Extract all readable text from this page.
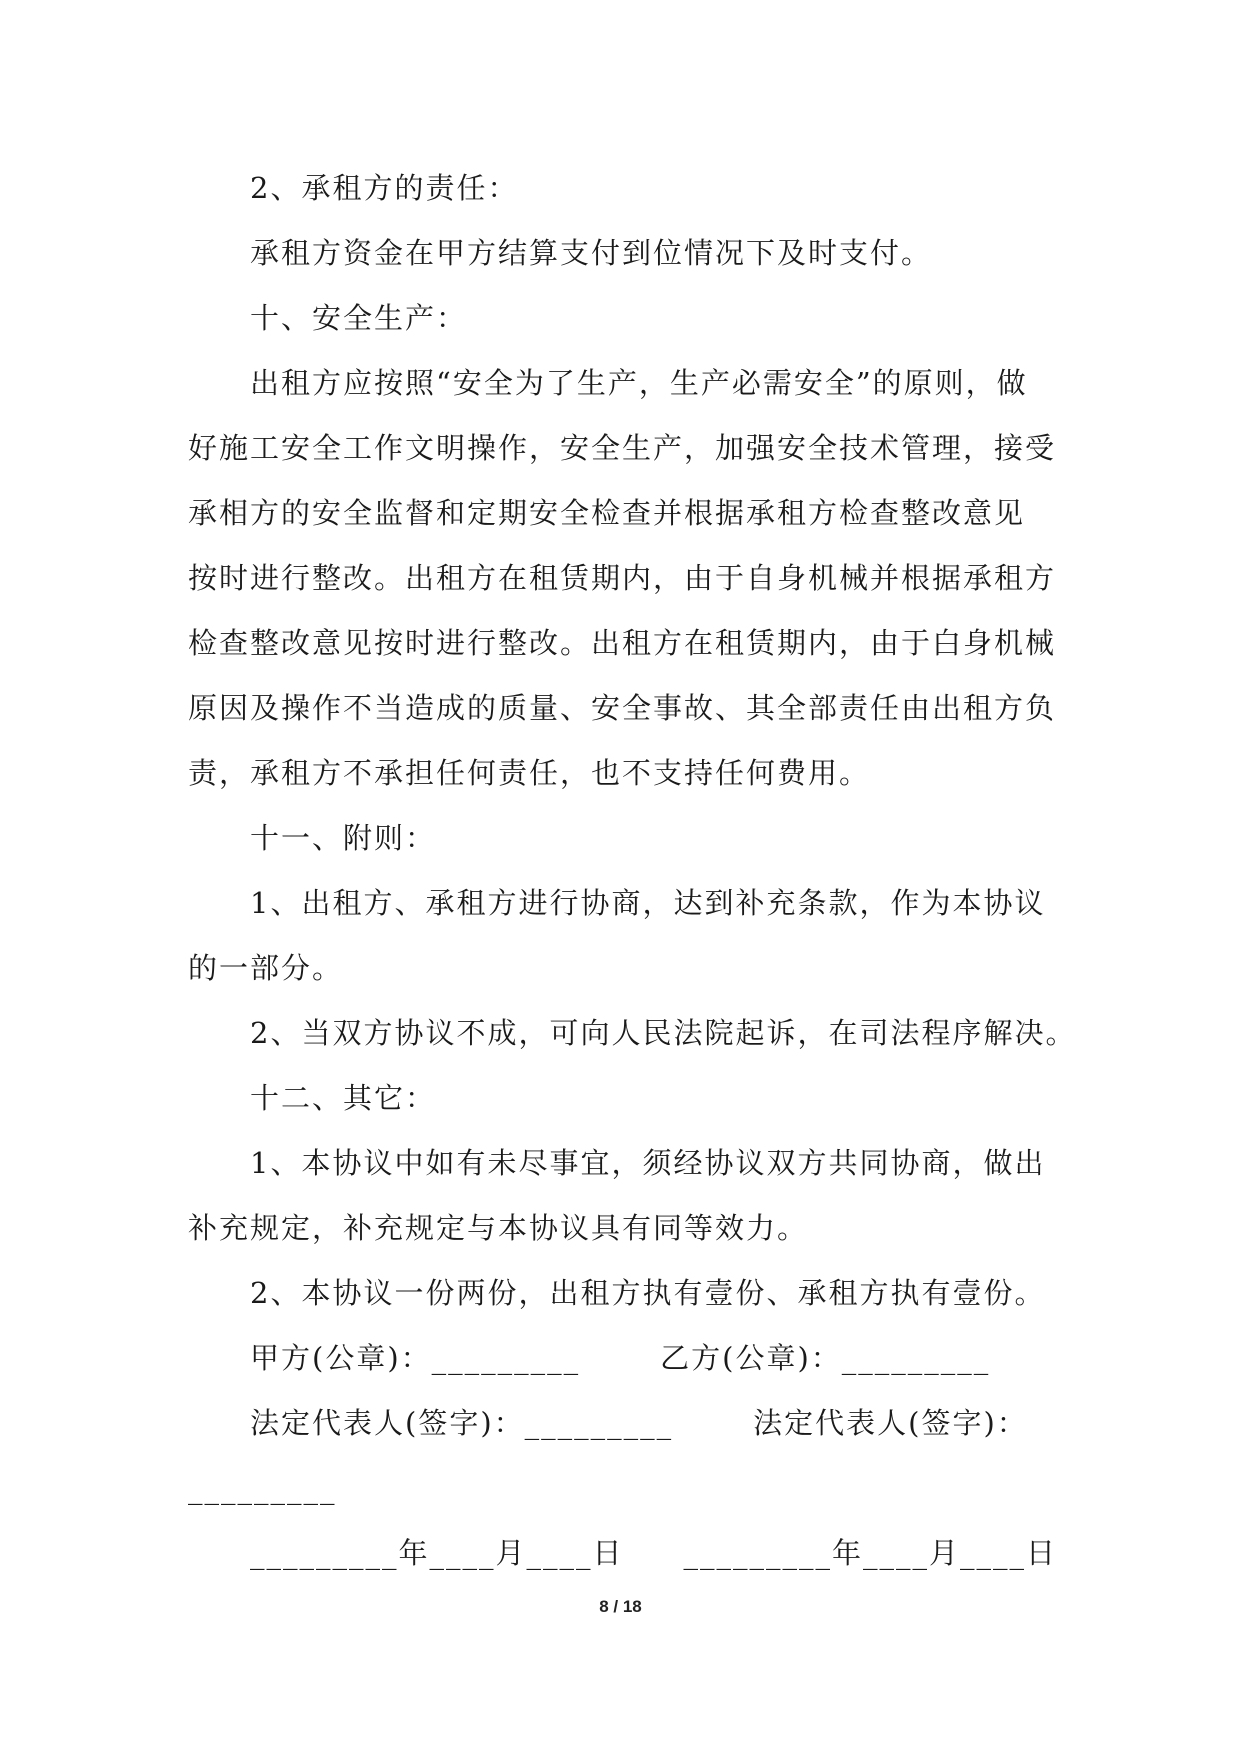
2、承租方的责任：
承租方资金在甲方结算支付到位情况下及时支付。
十、安全生产：
出租方应按照“安全为了生产，生产必需安全”的原则，做
好施工安全工作文明操作，安全生产，加强安全技术管理，接受
承相方的安全监督和定期安全检查并根据承租方检查整改意见
按时进行整改。出租方在租赁期内，由于自身机械并根据承租方
检查整改意见按时进行整改。出租方在租赁期内，由于白身机械
原因及操作不当造成的质量、安全事故、其全部责任由出租方负
责，承租方不承担任何责任，也不支持任何费用。
十一、附则：
1、出租方、承租方进行协商，达到补充条款，作为本协议
的一部分。
2、当双方协议不成，可向人民法院起诉，在司法程序解决。
十二、其它：
1、本协议中如有未尽事宜，须经协议双方共同协商，做出
补充规定，补充规定与本协议具有同等效力。
2、本协议一份两份，出租方执有壹份、承租方执有壹份。
甲方(公章)：_________	乙方(公章)：_________
法定代表人(签字)：_________	法定代表人(签字)：
_________
_________年____月____日 _________年____月____日
8 / 18
